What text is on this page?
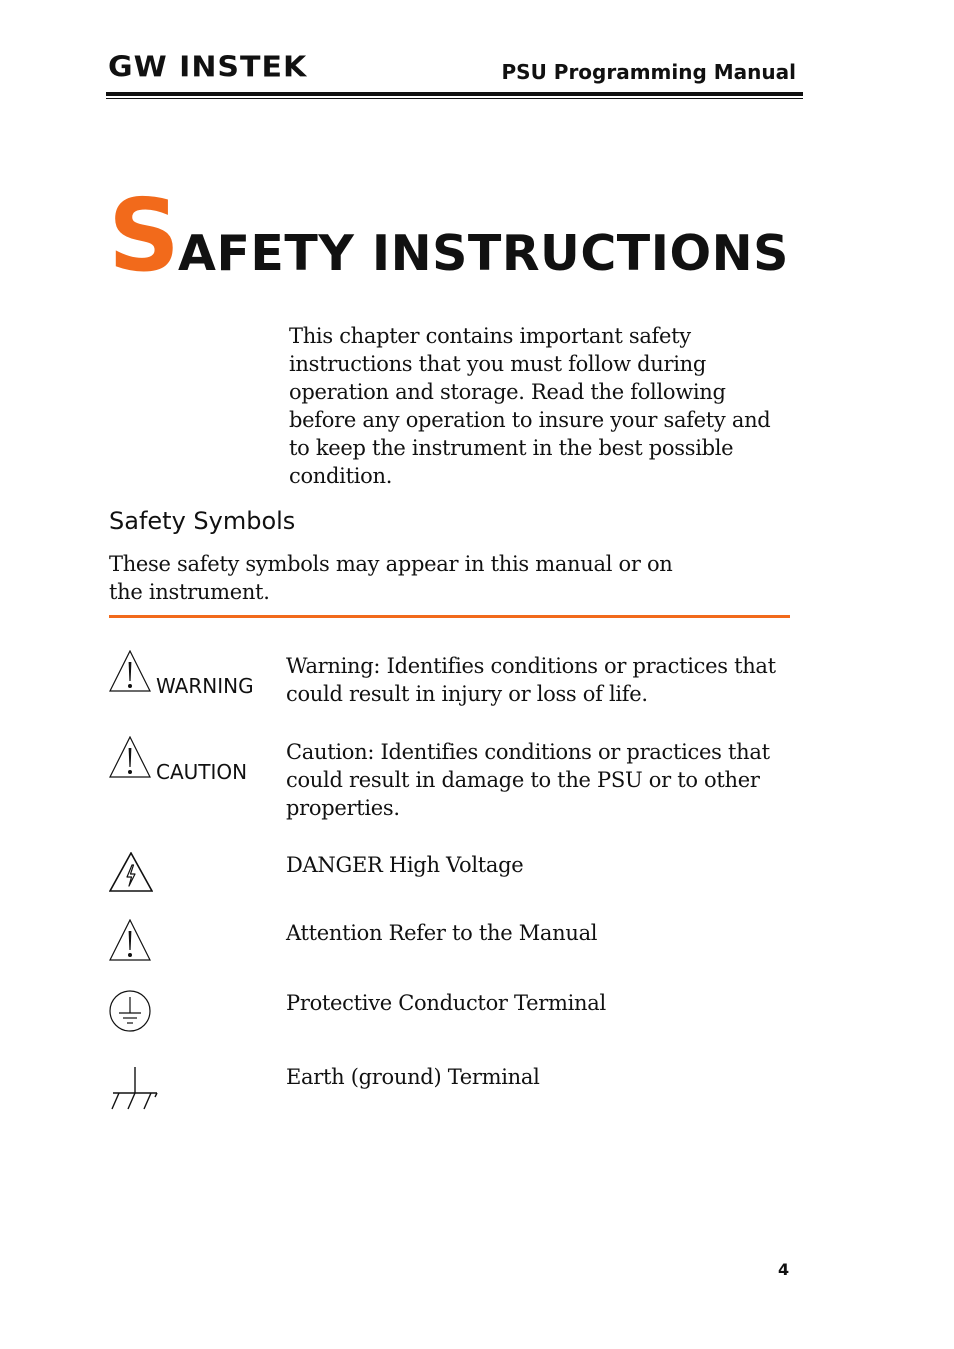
GW INSTEK	PSU Programming Manual
SAFETY INSTRUCTIONS

This chapter contains important safety instructions that you must follow during operation and storage. Read the following before any operation to insure your safety and to keep the instrument in the best possible condition.

Safety Symbols

These safety symbols may appear in this manual or on the instrument.

WARNING

Warning: Identifies conditions or practices that could result in injury or loss of life.

CAUTION

Caution: Identifies conditions or practices that could result in damage to the PSU or to other properties.

DANGER High Voltage

Attention Refer to the Manual

Protective Conductor Terminal

Earth (ground) Terminal

4
